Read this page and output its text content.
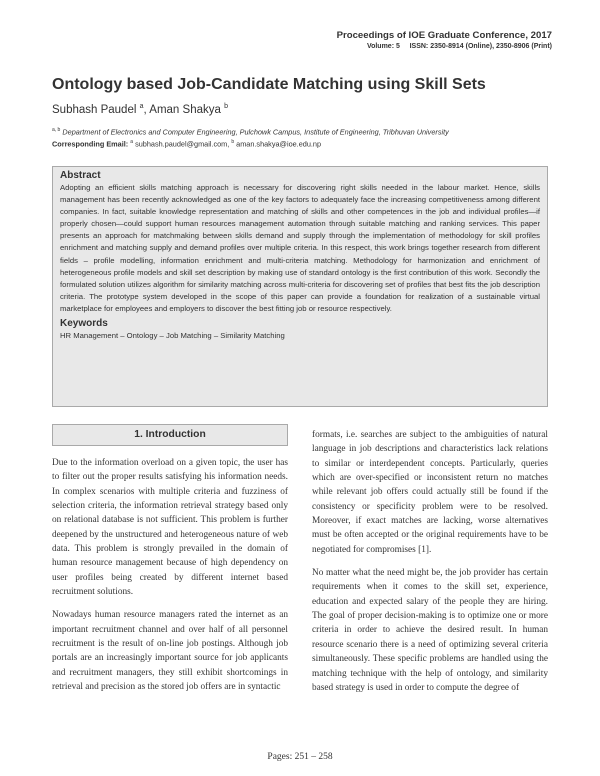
Proceedings of IOE Graduate Conference, 2017
Volume: 5     ISSN: 2350-8914 (Online), 2350-8906 (Print)
Ontology based Job-Candidate Matching using Skill Sets
Subhash Paudel $^a$, Aman Shakya $^b$
$^{a, b}$ Department of Electronics and Computer Engineering, Pulchowk Campus, Institute of Engineering, Tribhuvan University
Corresponding Email: $^a$ subhash.paudel@gmail.com, $^b$ aman.shakya@ioe.edu.np
Abstract

Adopting an efficient skills matching approach is necessary for discovering right skills needed in the labour market. Hence, skills management has been recently acknowledged as one of the key factors to adequately face the increasing competitiveness among different companies. In fact, suitable knowledge representation and matching of skills and other competences in the job and individual profiles—if properly chosen—could support human resources management automation through suitable matching and ranking services. This paper presents an approach for matchmaking between skills demand and supply through the implementation of methodology for skill profiles enrichment and matching supply and demand profiles over multiple criteria. In this respect, this work brings together research from different fields – profile modelling, information enrichment and multi-criteria matching. Methodology for harmonization and enrichment of heterogeneous profile models and skill set description by making use of standard ontology is the first contribution of this work. Secondly the formulated solution utilizes algorithm for similarity matching across multi-criteria for discovering set of profiles that best fits the job description criteria. The prototype system developed in the scope of this paper can provide a foundation for realization of a sustainable virtual marketplace for employees and employers to discover the best fitting job or resource respectively.

Keywords

HR Management – Ontology – Job Matching – Similarity Matching

1. Introduction

Due to the information overload on a given topic, the user has to filter out the proper results satisfying his information needs. In complex scenarios with multiple criteria and fuzziness of selection criteria, the information retrieval strategy based only on relational database is not sufficient. This problem is further deepened by the unstructured and heterogeneous nature of web data. This problem is strongly prevailed in the domain of human resource management because of high dependency on user profiles being created by different internet based recruitment solutions.

Nowadays human resource managers rated the internet as an important recruitment channel and over half of all personnel recruitment is the result of on-line job postings. Although job portals are an increasingly important source for job applicants and recruitment managers, they still exhibit shortcomings in retrieval and precision as the stored job offers are in syntactic

formats, i.e. searches are subject to the ambiguities of natural language in job descriptions and characteristics lack relations to similar or interdependent concepts. Particularly, queries which are over-specified or inconsistent return no matches while relevant job offers could actually still be found if the consistency or specificity problem were to be resolved. Moreover, if exact matches are lacking, worse alternatives must be often accepted or the original requirements have to be negotiated for compromises [1].

No matter what the need might be, the job provider has certain requirements when it comes to the skill set, experience, education and expected salary of the people they are hiring. The goal of proper decision-making is to optimize one or more criteria in order to achieve the desired result. In human resource scenario there is a need of optimizing several criteria simultaneously. These specific problems are handled using the matching technique with the help of ontology, and similarity based strategy is used in order to compute the degree of

Pages: 251 – 258
